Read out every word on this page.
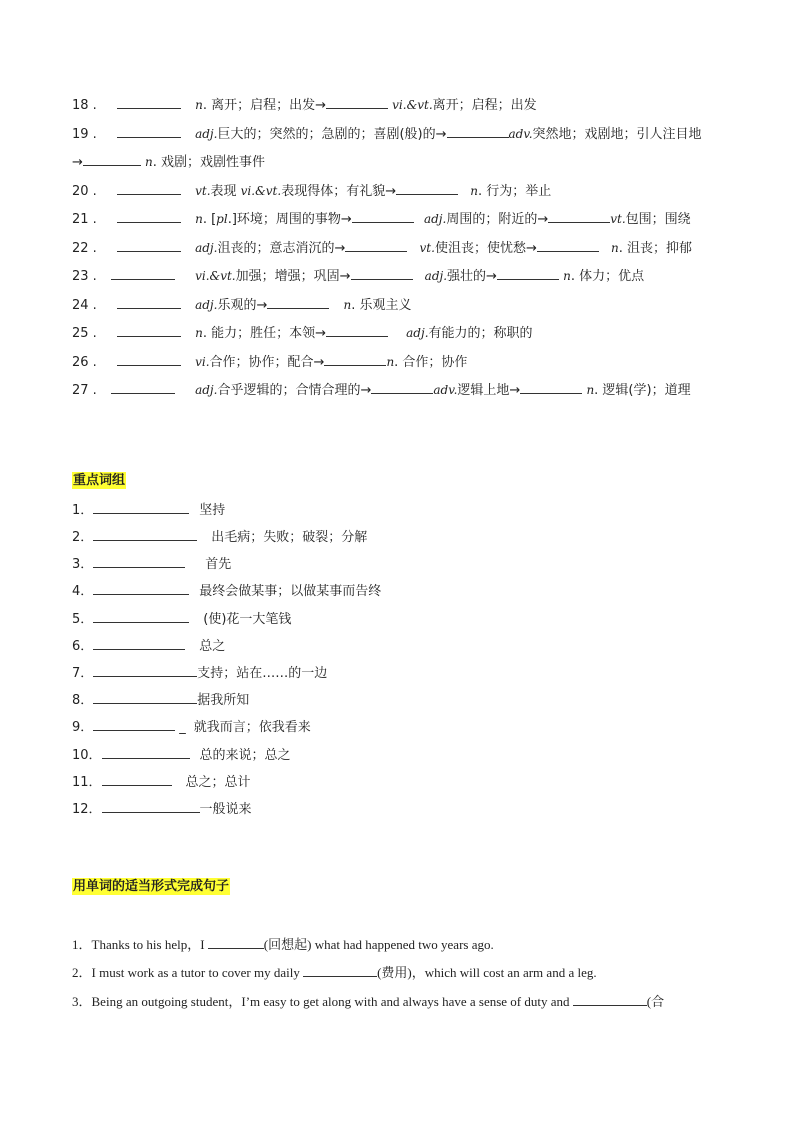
18 .	n. 离开；启程；出发→	vi.&vt.离开；启程；出发
19 .	adj.巨大的；突然的；急剧的；喜剧(般)的→	adv.突然地；戏剧地；引人注目地
→	n. 戏剧；戏剧性事件
20 .	vt.表现 vi.&vt.表现得体；有礼貌→	n. 行为；举止
21 .	n. [pl.]环境；周围的事物→	adj.周围的；附近的→	vt.包围；围绕
22 .	adj.沮丧的；意志消沉的→	vt.使沮丧；使忧愁→	n. 沮丧；抑郁
23 .	vi.&vt.加强；增强；巩固→	adj.强壮的→	n. 体力；优点
24 .	adj.乐观的→	n. 乐观主义
25 .	n. 能力；胜任；本领→	adj.有能力的；称职的
26 .	vi.合作；协作；配合→	n. 合作；协作
27 .	adj.合乎逻辑的；合情合理的→	adv.逻辑上地→	n. 逻辑(学)；道理
重点词组
1．	坚持
2．	出毛病；失败；破裂；分解
3．	首先
4．	最终会做某事；以做某事而告终
5．	(使)花一大笔钱
6．	总之
7．	支持；站在……的一边
8．	据我所知
9．	_ 就我而言；依我看来
10．	总的来说；总之
11．	总之；总计
12．	一般说来
用单词的适当形式完成句子
1．Thanks to his help，I	(回想起) what had happened two years ago.
2．I must work as a tutor to cover my daily	(费用)，which will cost an arm and a leg.
3．Being an outgoing student，I’m easy to get along with and always have a sense of duty and	(合
